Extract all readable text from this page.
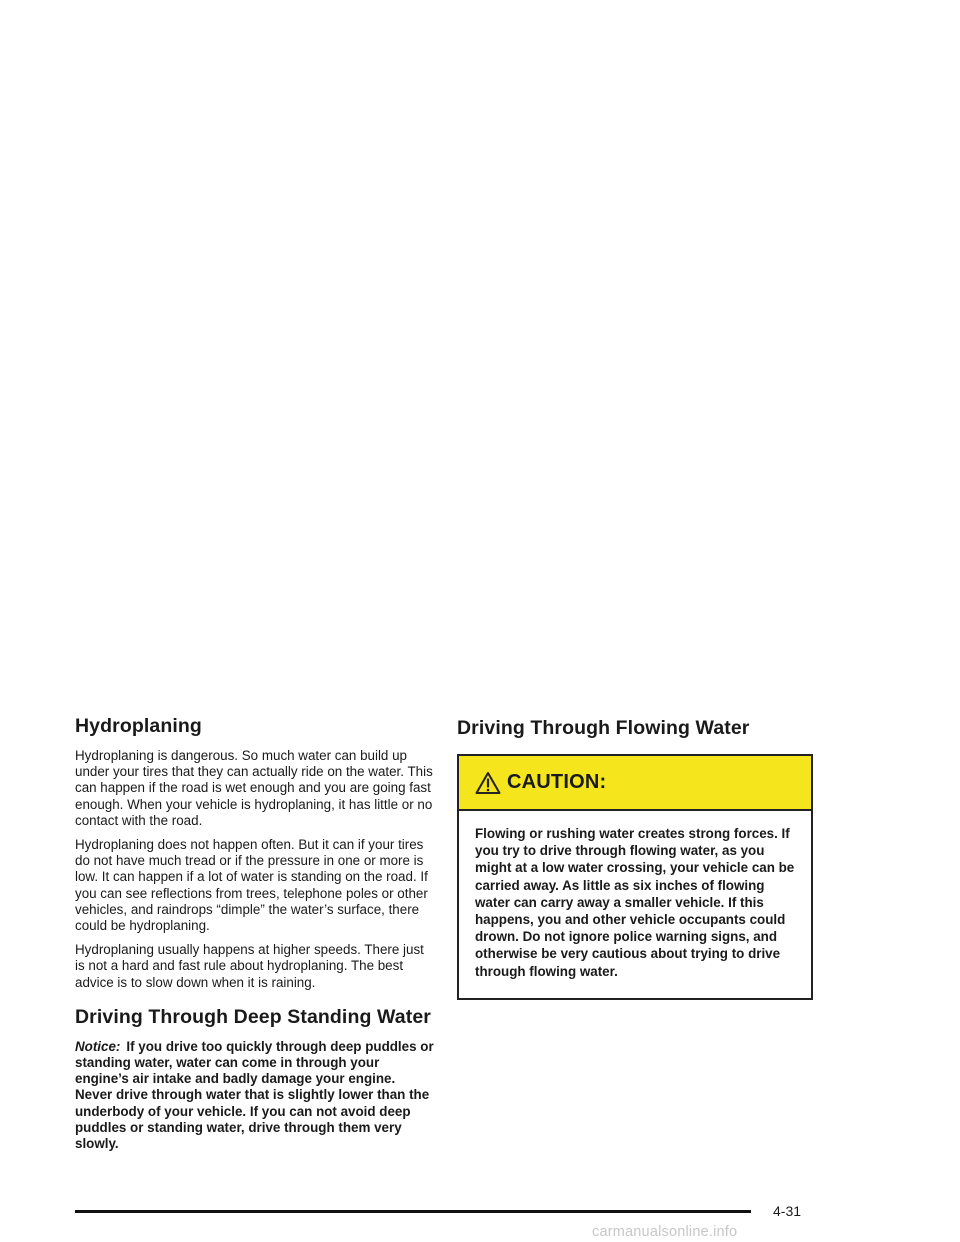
Hydroplaning

Hydroplaning is dangerous. So much water can build up under your tires that they can actually ride on the water. This can happen if the road is wet enough and you are going fast enough. When your vehicle is hydroplaning, it has little or no contact with the road.

Hydroplaning does not happen often. But it can if your tires do not have much tread or if the pressure in one or more is low. It can happen if a lot of water is standing on the road. If you can see reflections from trees, telephone poles or other vehicles, and raindrops “dimple” the water’s surface, there could be hydroplaning.

Hydroplaning usually happens at higher speeds. There just is not a hard and fast rule about hydroplaning. The best advice is to slow down when it is raining.

Driving Through Deep Standing Water

Notice: If you drive too quickly through deep puddles or standing water, water can come in through your engine’s air intake and badly damage your engine. Never drive through water that is slightly lower than the underbody of your vehicle. If you can not avoid deep puddles or standing water, drive through them very slowly.

Driving Through Flowing Water
CAUTION:
Flowing or rushing water creates strong forces. If you try to drive through flowing water, as you might at a low water crossing, your vehicle can be carried away. As little as six inches of flowing water can carry away a smaller vehicle. If this happens, you and other vehicle occupants could drown. Do not ignore police warning signs, and otherwise be very cautious about trying to drive through flowing water.
4-31
carmanualsonline.info
